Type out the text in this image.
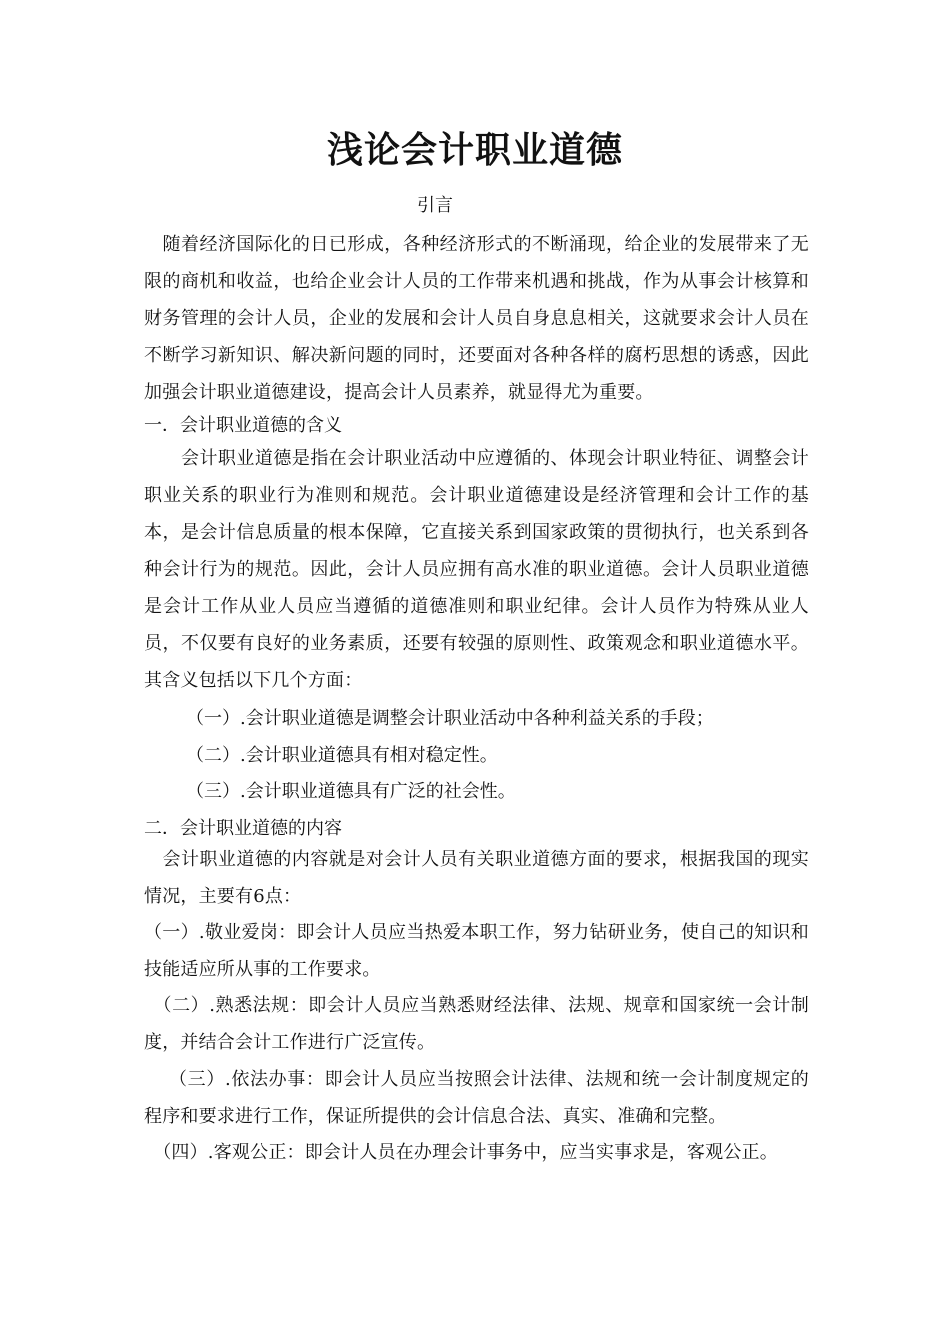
浅论会计职业道德
引言

　随着经济国际化的日已形成，各种经济形式的不断涌现，给企业的发展带来了无限的商机和收益，也给企业会计人员的工作带来机遇和挑战，作为从事会计核算和财务管理的会计人员，企业的发展和会计人员自身息息相关，这就要求会计人员在不断学习新知识、解决新问题的同时，还要面对各种各样的腐朽思想的诱惑，因此加强会计职业道德建设，提高会计人员素养，就显得尤为重要。

一．会计职业道德的含义

　　会计职业道德是指在会计职业活动中应遵循的、体现会计职业特征、调整会计职业关系的职业行为准则和规范。会计职业道德建设是经济管理和会计工作的基本，是会计信息质量的根本保障，它直接关系到国家政策的贯彻执行，也关系到各种会计行为的规范。因此，会计人员应拥有高水准的职业道德。会计人员职业道德是会计工作从业人员应当遵循的道德准则和职业纪律。会计人员作为特殊从业人员，不仅要有良好的业务素质，还要有较强的原则性、政策观念和职业道德水平。其含义包括以下几个方面：

（一）.会计职业道德是调整会计职业活动中各种利益关系的手段；
（二）.会计职业道德具有相对稳定性。
（三）.会计职业道德具有广泛的社会性。
二．会计职业道德的内容

　会计职业道德的内容就是对会计人员有关职业道德方面的要求，根据我国的现实情况，主要有6点：

（一）.敬业爱岗：即会计人员应当热爱本职工作，努力钻研业务，使自己的知识和技能适应所从事的工作要求。

　（二）.熟悉法规：即会计人员应当熟悉财经法律、法规、规章和国家统一会计制度，并结合会计工作进行广泛宣传。

　 （三）.依法办事：即会计人员应当按照会计法律、法规和统一会计制度规定的程序和要求进行工作，保证所提供的会计信息合法、真实、准确和完整。

　（四）.客观公正：即会计人员在办理会计事务中，应当实事求是，客观公正。
